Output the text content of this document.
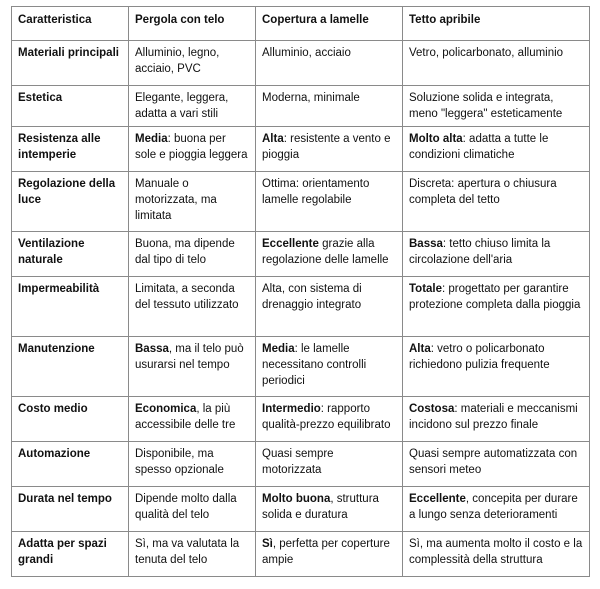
Caratteristica	Pergola con telo	Copertura a lamelle	Tetto apribile
Materiali principali	Alluminio, legno, acciaio, PVC	Alluminio, acciaio	Vetro, policarbonato, alluminio
Estetica	Elegante, leggera, adatta a vari stili	Moderna, minimale	Soluzione solida e integrata, meno "leggera" esteticamente
Resistenza alle intemperie	Media: buona per sole e pioggia leggera	Alta: resistente a vento e pioggia	Molto alta: adatta a tutte le condizioni climatiche
Regolazione della luce	Manuale o motorizzata, ma limitata	Ottima: orientamento lamelle regolabile	Discreta: apertura o chiusura completa del tetto
Ventilazione naturale	Buona, ma dipende dal tipo di telo	Eccellente grazie alla regolazione delle lamelle	Bassa: tetto chiuso limita la circolazione dell'aria
Impermeabilità	Limitata, a seconda del tessuto utilizzato	Alta, con sistema di drenaggio integrato	Totale: progettato per garantire protezione completa dalla pioggia
Manutenzione	Bassa, ma il telo può usurarsi nel tempo	Media: le lamelle necessitano controlli periodici	Alta: vetro o policarbonato richiedono pulizia frequente
Costo medio	Economica, la più accessibile delle tre	Intermedio: rapporto qualità-prezzo equilibrato	Costosa: materiali e meccanismi incidono sul prezzo finale
Automazione	Disponibile, ma spesso opzionale	Quasi sempre motorizzata	Quasi sempre automatizzata con sensori meteo
Durata nel tempo	Dipende molto dalla qualità del telo	Molto buona, struttura solida e duratura	Eccellente, concepita per durare a lungo senza deterioramenti
Adatta per spazi grandi	Sì, ma va valutata la tenuta del telo	Sì, perfetta per coperture ampie	Sì, ma aumenta molto il costo e la complessità della struttura
